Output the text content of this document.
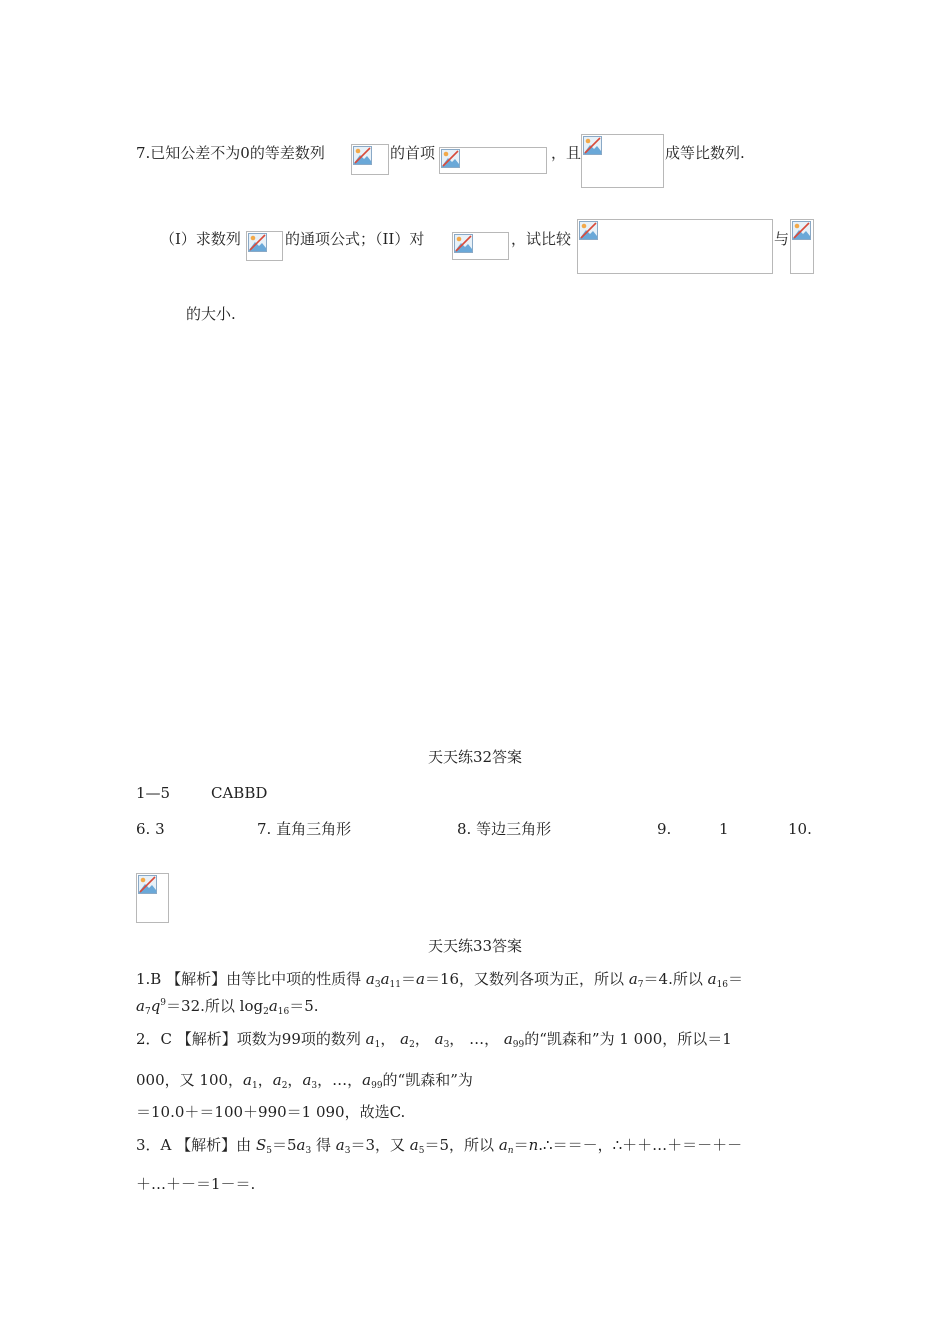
7.已知公差不为0的等差数列	的首项	，且	成等比数列.
（I）求数列	的通项公式；（II）对	，试比较	与
的大小.
天天练32答案
1—5	CABBD
6. 3	7. 直角三角形	8. 等边三角形	9.	1	10.
天天练33答案
1.B 【解析】由等比中项的性质得 $a_3a_{11}=a=16$，又数列各项为正，所以 $a_7=4$.所以 $a_{16}=$
$a_7q^9=32$.所以 $\log_2a_{16}=5$.
2．C 【解析】项数为99项的数列 $a_1$， $a_2$， $a_3$， …， $a_{99}$的“凯森和”为 1 000，所以＝1
000，又 100，$a_1$，$a_2$，$a_3$，…，$a_{99}$的“凯森和”为
＝10.0＋＝100＋990＝1 090，故选C.
3．A 【解析】由 $S_5=5a_3$ 得 $a_3=3$，又 $a_5=5$，所以 $a_n=n.\therefore==-$，∴＋＋…＋＝－＋－
＋…＋－＝1－＝.
